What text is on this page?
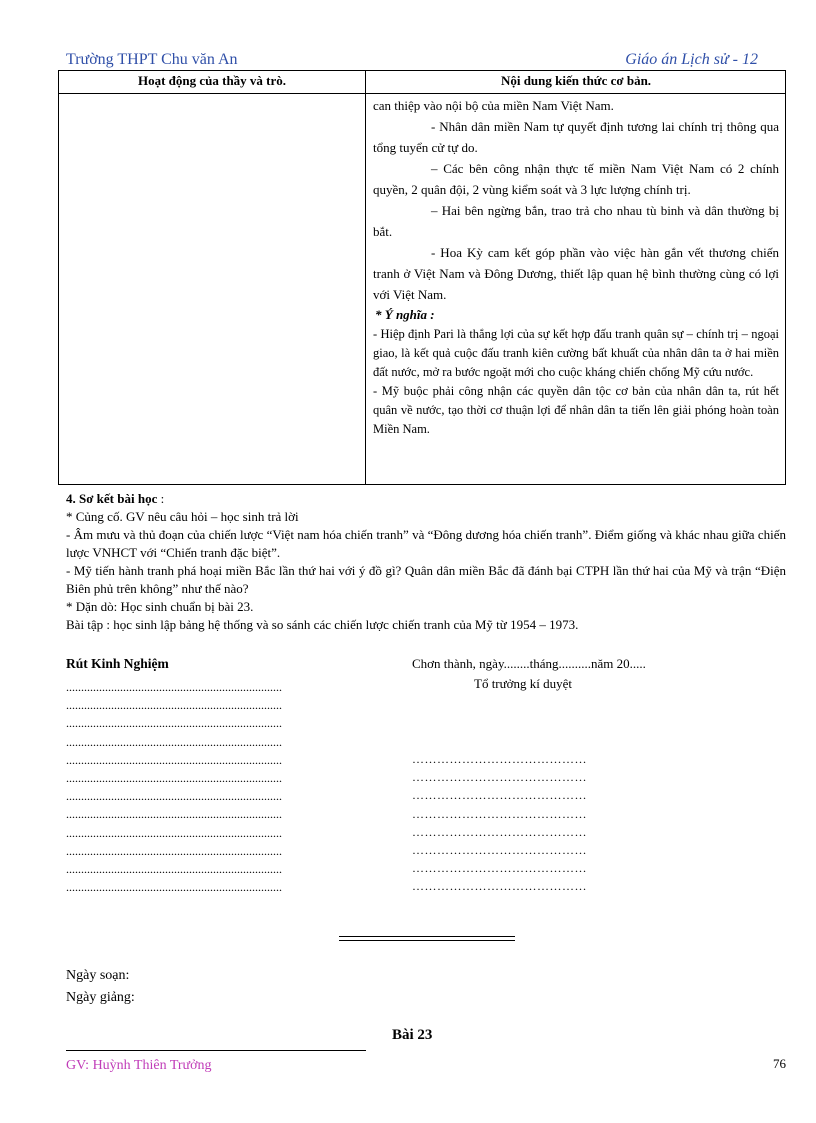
Trường THPT Chu văn An	Giáo án Lịch sử - 12
Hoạt động của thầy và trò.	Nội dung kiến thức cơ bản.

can thiệp vào nội bộ của miền Nam Việt Nam.

- Nhân dân miền Nam tự quyết định tương lai chính trị thông qua tổng tuyển cử tự do.

– Các bên công nhận thực tế miền Nam Việt Nam có 2 chính quyền, 2 quân đội, 2 vùng kiểm soát và 3 lực lượng chính trị.

– Hai bên ngừng bắn, trao trả cho nhau tù binh và dân thường bị bắt.

- Hoa Kỳ cam kết góp phần vào việc hàn gắn vết thương chiến tranh ở Việt Nam và Đông Dương, thiết lập quan hệ bình thường cùng có lợi với Việt Nam.

* Ý nghĩa :

- Hiệp định Pari là thắng lợi của sự kết hợp đấu tranh quân sự – chính trị – ngoại giao, là kết quả cuộc đấu tranh kiên cường bất khuất của nhân dân ta ở hai miền đất nước, mở ra bước ngoặt mới cho cuộc kháng chiến chống Mỹ cứu nước.

- Mỹ buộc phải công nhận các quyền dân tộc cơ bản của nhân dân ta, rút hết quân về nước, tạo thời cơ thuận lợi để nhân dân ta tiến lên giải phóng hoàn toàn Miền Nam.

4. Sơ kết bài học :

* Củng cố. GV nêu câu hỏi – học sinh trả lời

- Âm mưu và thủ đoạn của chiến lược “Việt nam hóa chiến tranh” và “Đông dương hóa chiến tranh”. Điểm giống và khác nhau giữa chiến lược VNHCT với “Chiến tranh đặc biệt”.

- Mỹ tiến hành tranh phá hoại miền Bắc lần thứ hai với ý đồ gì? Quân dân miền Bắc đã đánh bại CTPH lần thứ hai của Mỹ và trận “Điện Biên phủ trên không” như thế nào?

* Dặn dò: Học sinh chuẩn bị bài 23.

Bài tập : học sinh lập bảng hệ thống và so sánh các chiến lược chiến tranh của Mỹ từ 1954 – 1973.

Rút Kinh Nghiệm
........................................................................
........................................................................
........................................................................
........................................................................
........................................................................
........................................................................
........................................................................
........................................................................
........................................................................
........................................................................
........................................................................
........................................................................
Chơn thành, ngày........tháng..........năm 20.....
Tổ trưởng kí duyệt
……………………………………
……………………………………
……………………………………
……………………………………
……………………………………
……………………………………
……………………………………
……………………………………
Ngày soạn:
Ngày giảng:
Bài 23
GV: Huỳnh Thiên Trưởng	76
